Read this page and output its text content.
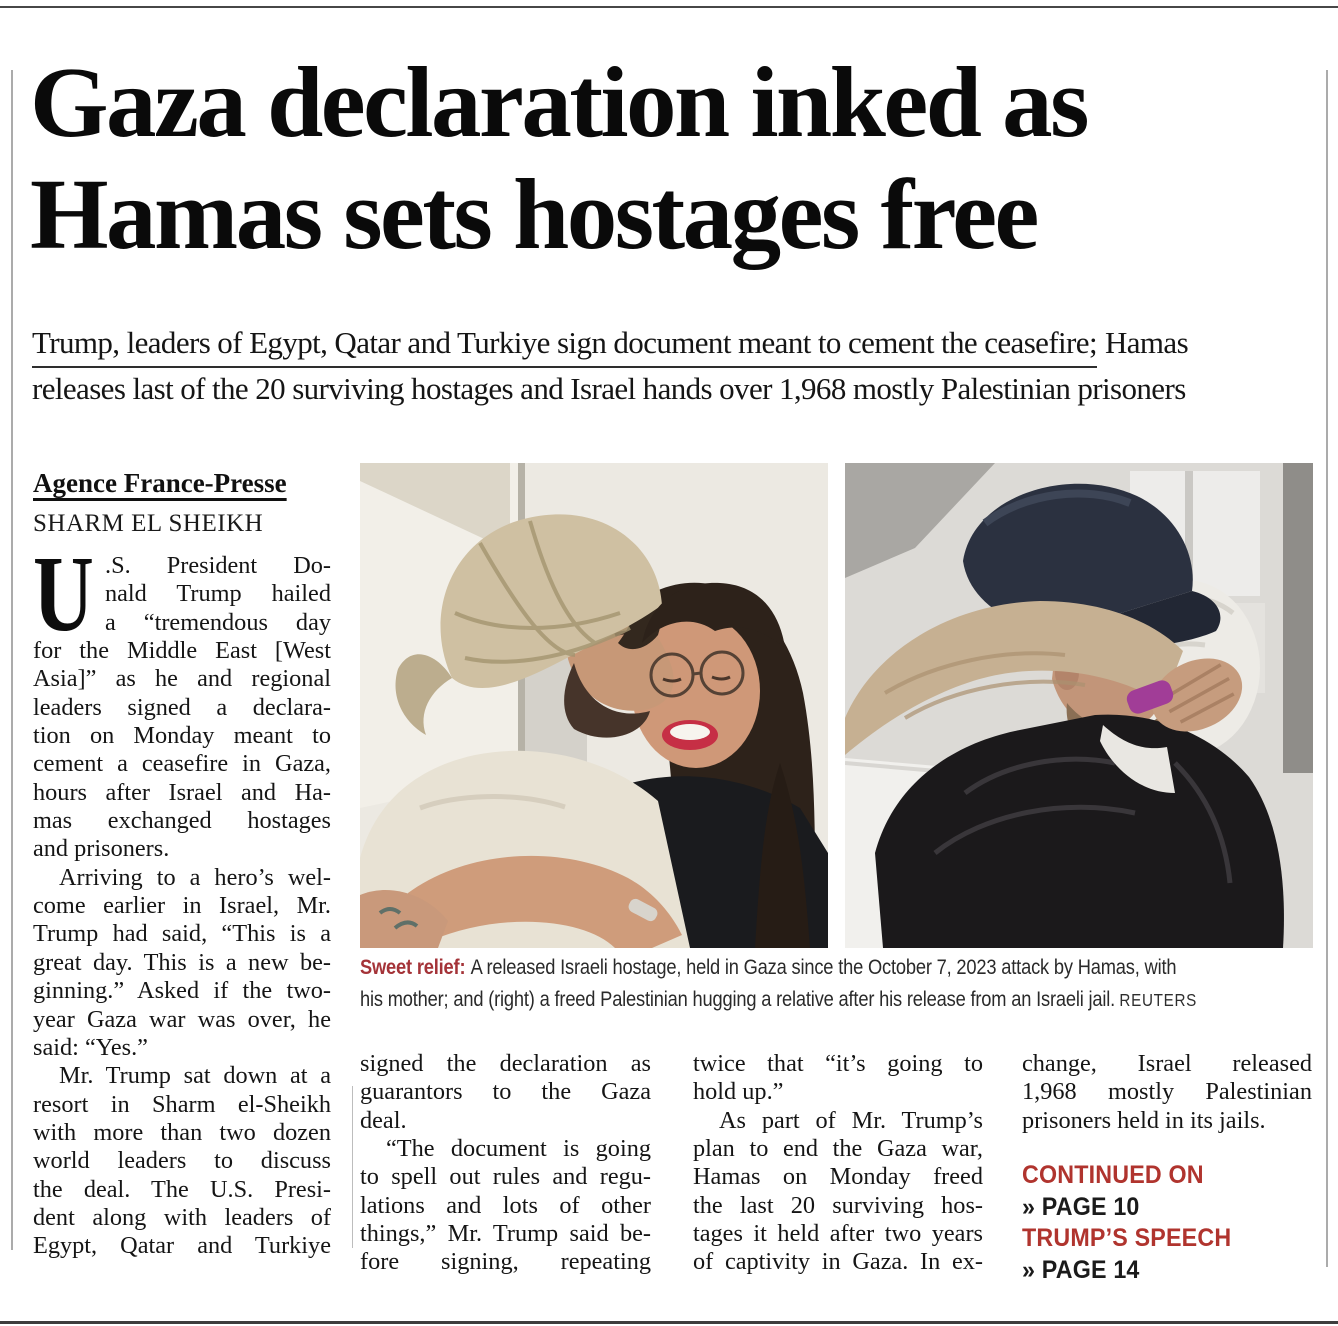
Gaza declaration inked as
Hamas sets hostages free
Trump, leaders of Egypt, Qatar and Turkiye sign document meant to cement the ceasefire; Hamas
releases last of the 20 surviving hostages and Israel hands over 1,968 mostly Palestinian prisoners
Agence France-Presse
SHARM EL SHEIKH
U .S. President Do-
nald Trump hailed
a “tremendous day
for the Middle East [West
Asia]” as he and regional
leaders signed a declara-
tion on Monday meant to
cement a ceasefire in Gaza,
hours after Israel and Ha-
mas exchanged hostages
and prisoners.
Arriving to a hero’s wel-
come earlier in Israel, Mr.
Trump had said, “This is a
great day. This is a new be-
ginning.” Asked if the two-
year Gaza war was over, he
said: “Yes.”
Mr. Trump sat down at a
resort in Sharm el-Sheikh
with more than two dozen
world leaders to discuss
the deal. The U.S. Presi-
dent along with leaders of
Egypt, Qatar and Turkiye
Sweet relief: A released Israeli hostage, held in Gaza since the October 7, 2023 attack by Hamas, with
his mother; and (right) a freed Palestinian hugging a relative after his release from an Israeli jail. REUTERS
signed the declaration as
guarantors to the Gaza
deal.
“The document is going
to spell out rules and regu-
lations and lots of other
things,” Mr. Trump said be-
fore signing, repeating
twice that “it’s going to
hold up.”
As part of Mr. Trump’s
plan to end the Gaza war,
Hamas on Monday freed
the last 20 surviving hos-
tages it held after two years
of captivity in Gaza. In ex-
change, Israel released
1,968 mostly Palestinian
prisoners held in its jails.
CONTINUED ON
» PAGE 10
TRUMP’S SPEECH
» PAGE 14
